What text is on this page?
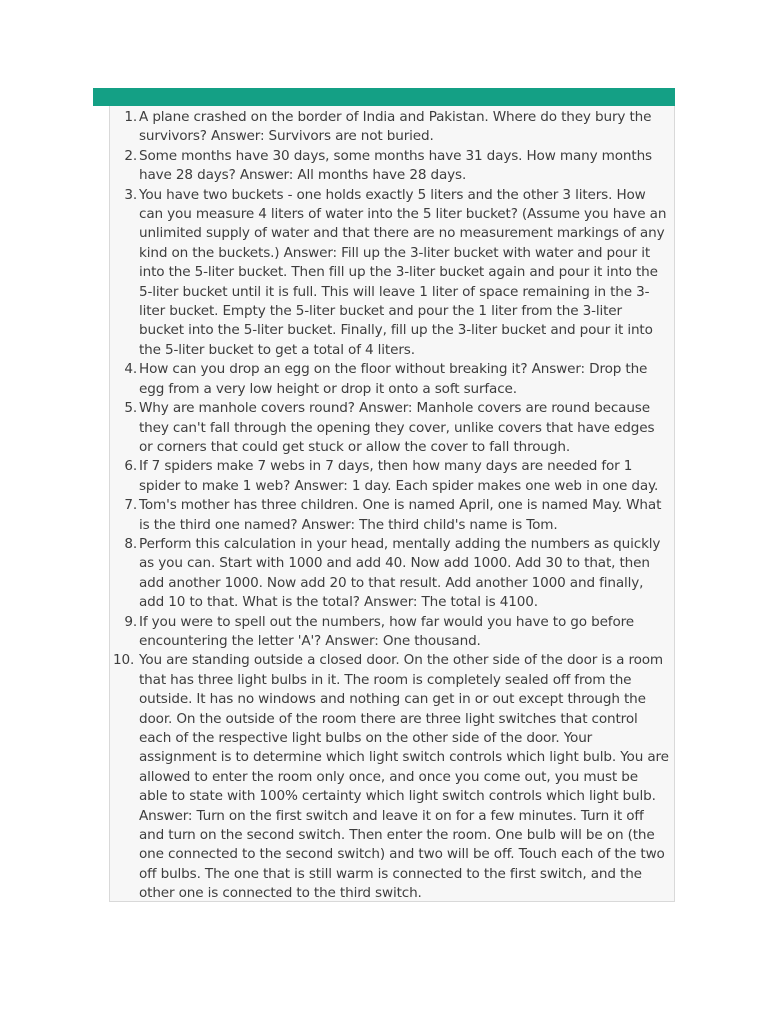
1. A plane crashed on the border of India and Pakistan. Where do they bury the survivors? Answer: Survivors are not buried.
2. Some months have 30 days, some months have 31 days. How many months have 28 days? Answer: All months have 28 days.
3. You have two buckets - one holds exactly 5 liters and the other 3 liters. How can you measure 4 liters of water into the 5 liter bucket? (Assume you have an unlimited supply of water and that there are no measurement markings of any kind on the buckets.) Answer: Fill up the 3-liter bucket with water and pour it into the 5-liter bucket. Then fill up the 3-liter bucket again and pour it into the 5-liter bucket until it is full. This will leave 1 liter of space remaining in the 3-liter bucket. Empty the 5-liter bucket and pour the 1 liter from the 3-liter bucket into the 5-liter bucket. Finally, fill up the 3-liter bucket and pour it into the 5-liter bucket to get a total of 4 liters.
4. How can you drop an egg on the floor without breaking it? Answer: Drop the egg from a very low height or drop it onto a soft surface.
5. Why are manhole covers round? Answer: Manhole covers are round because they can't fall through the opening they cover, unlike covers that have edges or corners that could get stuck or allow the cover to fall through.
6. If 7 spiders make 7 webs in 7 days, then how many days are needed for 1 spider to make 1 web? Answer: 1 day. Each spider makes one web in one day.
7. Tom's mother has three children. One is named April, one is named May. What is the third one named? Answer: The third child's name is Tom.
8. Perform this calculation in your head, mentally adding the numbers as quickly as you can. Start with 1000 and add 40. Now add 1000. Add 30 to that, then add another 1000. Now add 20 to that result. Add another 1000 and finally, add 10 to that. What is the total? Answer: The total is 4100.
9. If you were to spell out the numbers, how far would you have to go before encountering the letter 'A'? Answer: One thousand.
10. You are standing outside a closed door. On the other side of the door is a room that has three light bulbs in it. The room is completely sealed off from the outside. It has no windows and nothing can get in or out except through the door. On the outside of the room there are three light switches that control each of the respective light bulbs on the other side of the door. Your assignment is to determine which light switch controls which light bulb. You are allowed to enter the room only once, and once you come out, you must be able to state with 100% certainty which light switch controls which light bulb. Answer: Turn on the first switch and leave it on for a few minutes. Turn it off and turn on the second switch. Then enter the room. One bulb will be on (the one connected to the second switch) and two will be off. Touch each of the two off bulbs. The one that is still warm is connected to the first switch, and the other one is connected to the third switch.
